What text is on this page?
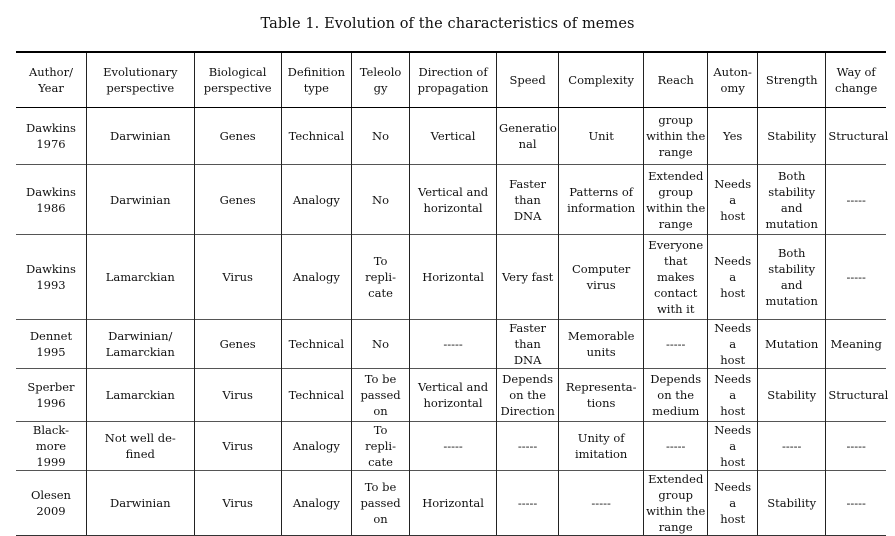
Table 1. Evolution of the characteristics of memes
Author/
Year	Evolutionary
perspective	Biological
perspective	Definition
type	Teleolo
gy	Direction of
propagation	Speed	Complexity	Reach	Auton-
omy	Strength	Way of
change

Dawkins
1976	Darwinian	Genes	Technical	No	Vertical	Generatio
nal	Unit	group
within the
range	Yes	Stability	Structural

Dawkins
1986	Darwinian	Genes	Analogy	No	Vertical and
horizontal	Faster
than DNA	Patterns of
information	Extended
group
within the
range	Needs a
host	Both
stability
and
mutation	-----

Dawkins
1993	Lamarckian	Virus	Analogy	To
repli-
cate	Horizontal	Very fast	Computer
virus	Everyone
that
makes
contact
with it	Needs a
host	Both
stability
and
mutation	-----

Dennet
1995	Darwinian/
Lamarckian	Genes	Technical	No	-----	Faster
than DNA	Memorable
units	-----	Needs a
host	Mutation	Meaning

Sperber
1996	Lamarckian	Virus	Technical	To be
passed
on	Vertical and
horizontal	Depends
on the
Direction	Representa-
tions	Depends
on the
medium	Needs a
host	Stability	Structural

Black-
more
1999	Not well de-
fined	Virus	Analogy	To
repli-
cate	-----	-----	Unity of
imitation	-----	Needs a
host	-----	-----

Olesen
2009	Darwinian	Virus	Analogy	To be
passed
on	Horizontal	-----	-----	Extended
group
within the
range	Needs a
host	Stability	-----
